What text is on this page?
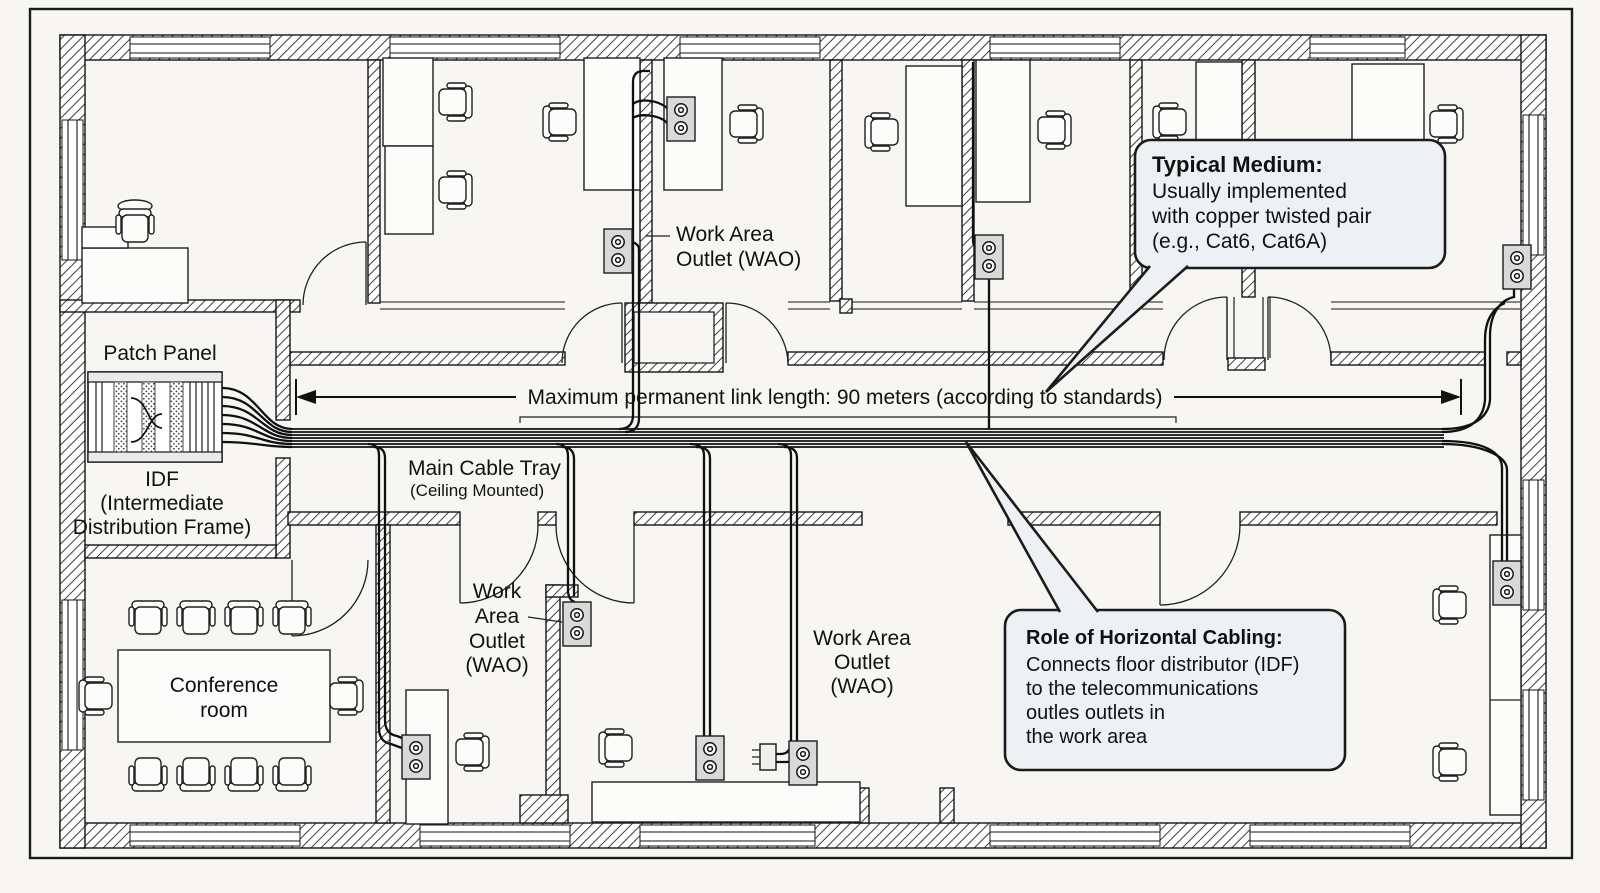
Maximum permanent link length: 90 meters (according to standards)
Typical Medium:
Usually implemented
with copper twisted pair
(e.g., Cat6, Cat6A)
Role of Horizontal Cabling:
Connects floor distributor (IDF)
to the telecommunications
outles outlets in
the work area
Patch Panel
IDF
(Intermediate
Distribution Frame)
Main Cable Tray
(Ceiling Mounted)
Work Area
Outlet (WAO)
Work
Area
Outlet
(WAO)
Work Area
Outlet
(WAO)
Conference
room
